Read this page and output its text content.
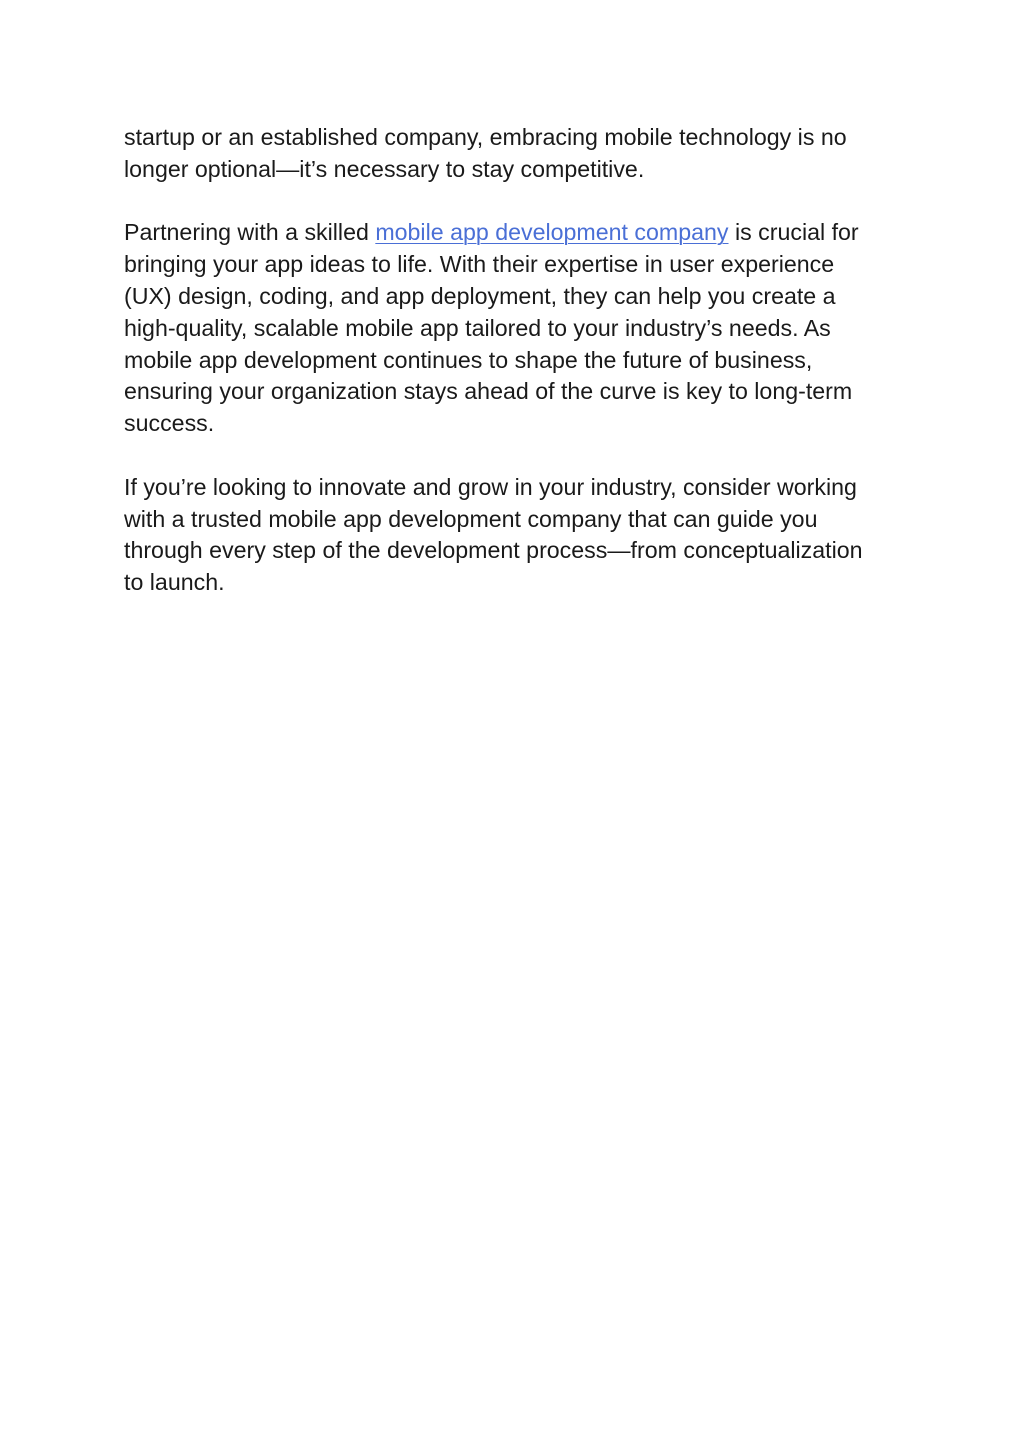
startup or an established company, embracing mobile technology is no
longer optional—it’s necessary to stay competitive.

Partnering with a skilled mobile app development company is crucial for
bringing your app ideas to life. With their expertise in user experience
(UX) design, coding, and app deployment, they can help you create a
high-quality, scalable mobile app tailored to your industry’s needs. As
mobile app development continues to shape the future of business,
ensuring your organization stays ahead of the curve is key to long-term
success.

If you’re looking to innovate and grow in your industry, consider working
with a trusted mobile app development company that can guide you
through every step of the development process—from conceptualization
to launch.
